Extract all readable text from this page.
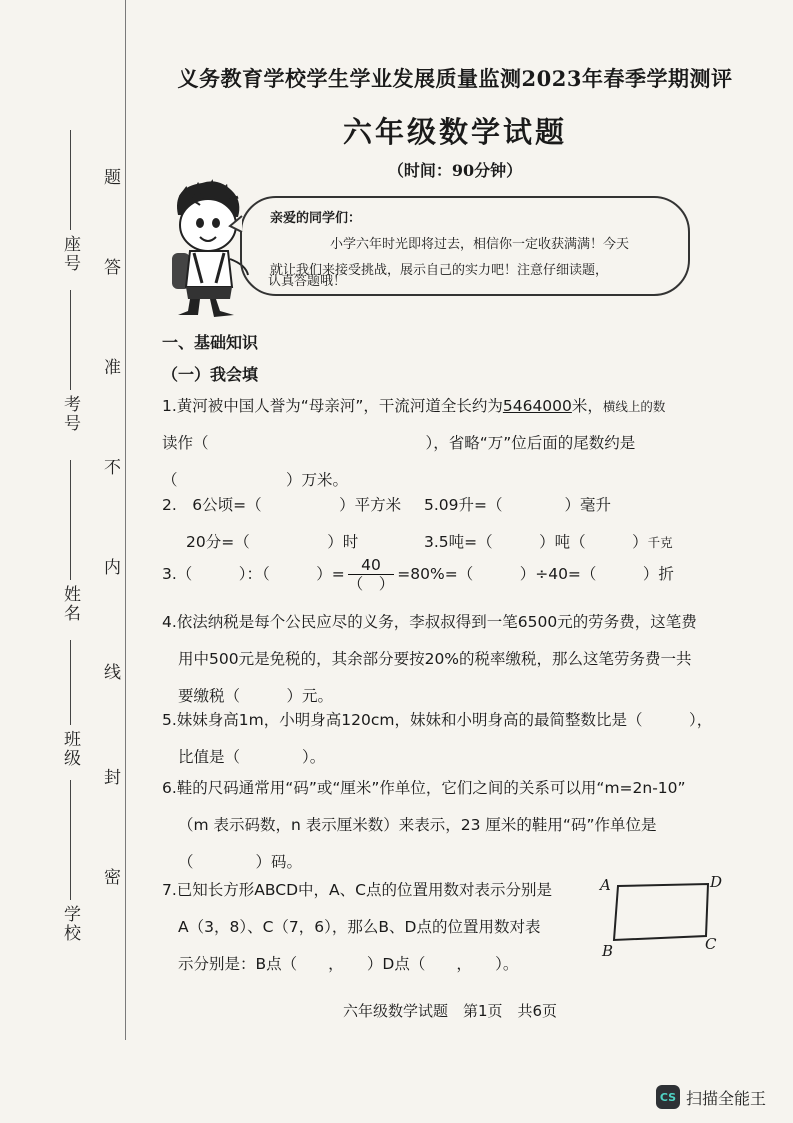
座号
考号
姓名
班级
学校
题
答
准
不
内
线
封
密
义务教育学校学生学业发展质量监测2023年春季学期测评
六年级数学试题
（时间：90分钟）
亲爱的同学们：
小学六年时光即将过去，相信你一定收获满满！今天
就让我们来接受挑战，展示自己的实力吧！注意仔细读题，
认真答题哦！
一、基础知识
（一）我会填
1.黄河被中国人誉为“母亲河”，干流河道全长约为5464000米，横线上的数
读作（　　　　　　　　　　　　　　），省略“万”位后面的尾数约是
（　　　　　　　）万米。
2.　6公顷=（　　　　　）平方米 5.09升=（　　　　）毫升
20分=（　　　　　）时	3.5吨=（　　　）吨（　　　）千克
3.（　　　）：（　　　）= $\frac{40}{( )} =80\%=$（　　　）÷40=（　　　）折
4.依法纳税是每个公民应尽的义务，李叔叔得到一笔6500元的劳务费，这笔费
用中500元是免税的，其余部分要按20%的税率缴税，那么这笔劳务费一共
要缴税（　　　）元。
5.妹妹身高1m，小明身高120cm，妹妹和小明身高的最简整数比是（　　　），
比值是（　　　　）。
6.鞋的尺码通常用“码”或“厘米”作单位，它们之间的关系可以用“m=2n-10”
（m 表示码数，n 表示厘米数）来表示，23 厘米的鞋用“码”作单位是
（　　　　）码。
7.已知长方形ABCD中，A、C点的位置用数对表示分别是
A（3，8）、C（7，6），那么B、D点的位置用数对表
示分别是：B点（　　，　　）D点（　　，　　）。
A	D
C
B
六年级数学试题　第1页　共6页
CS 扫描全能王
